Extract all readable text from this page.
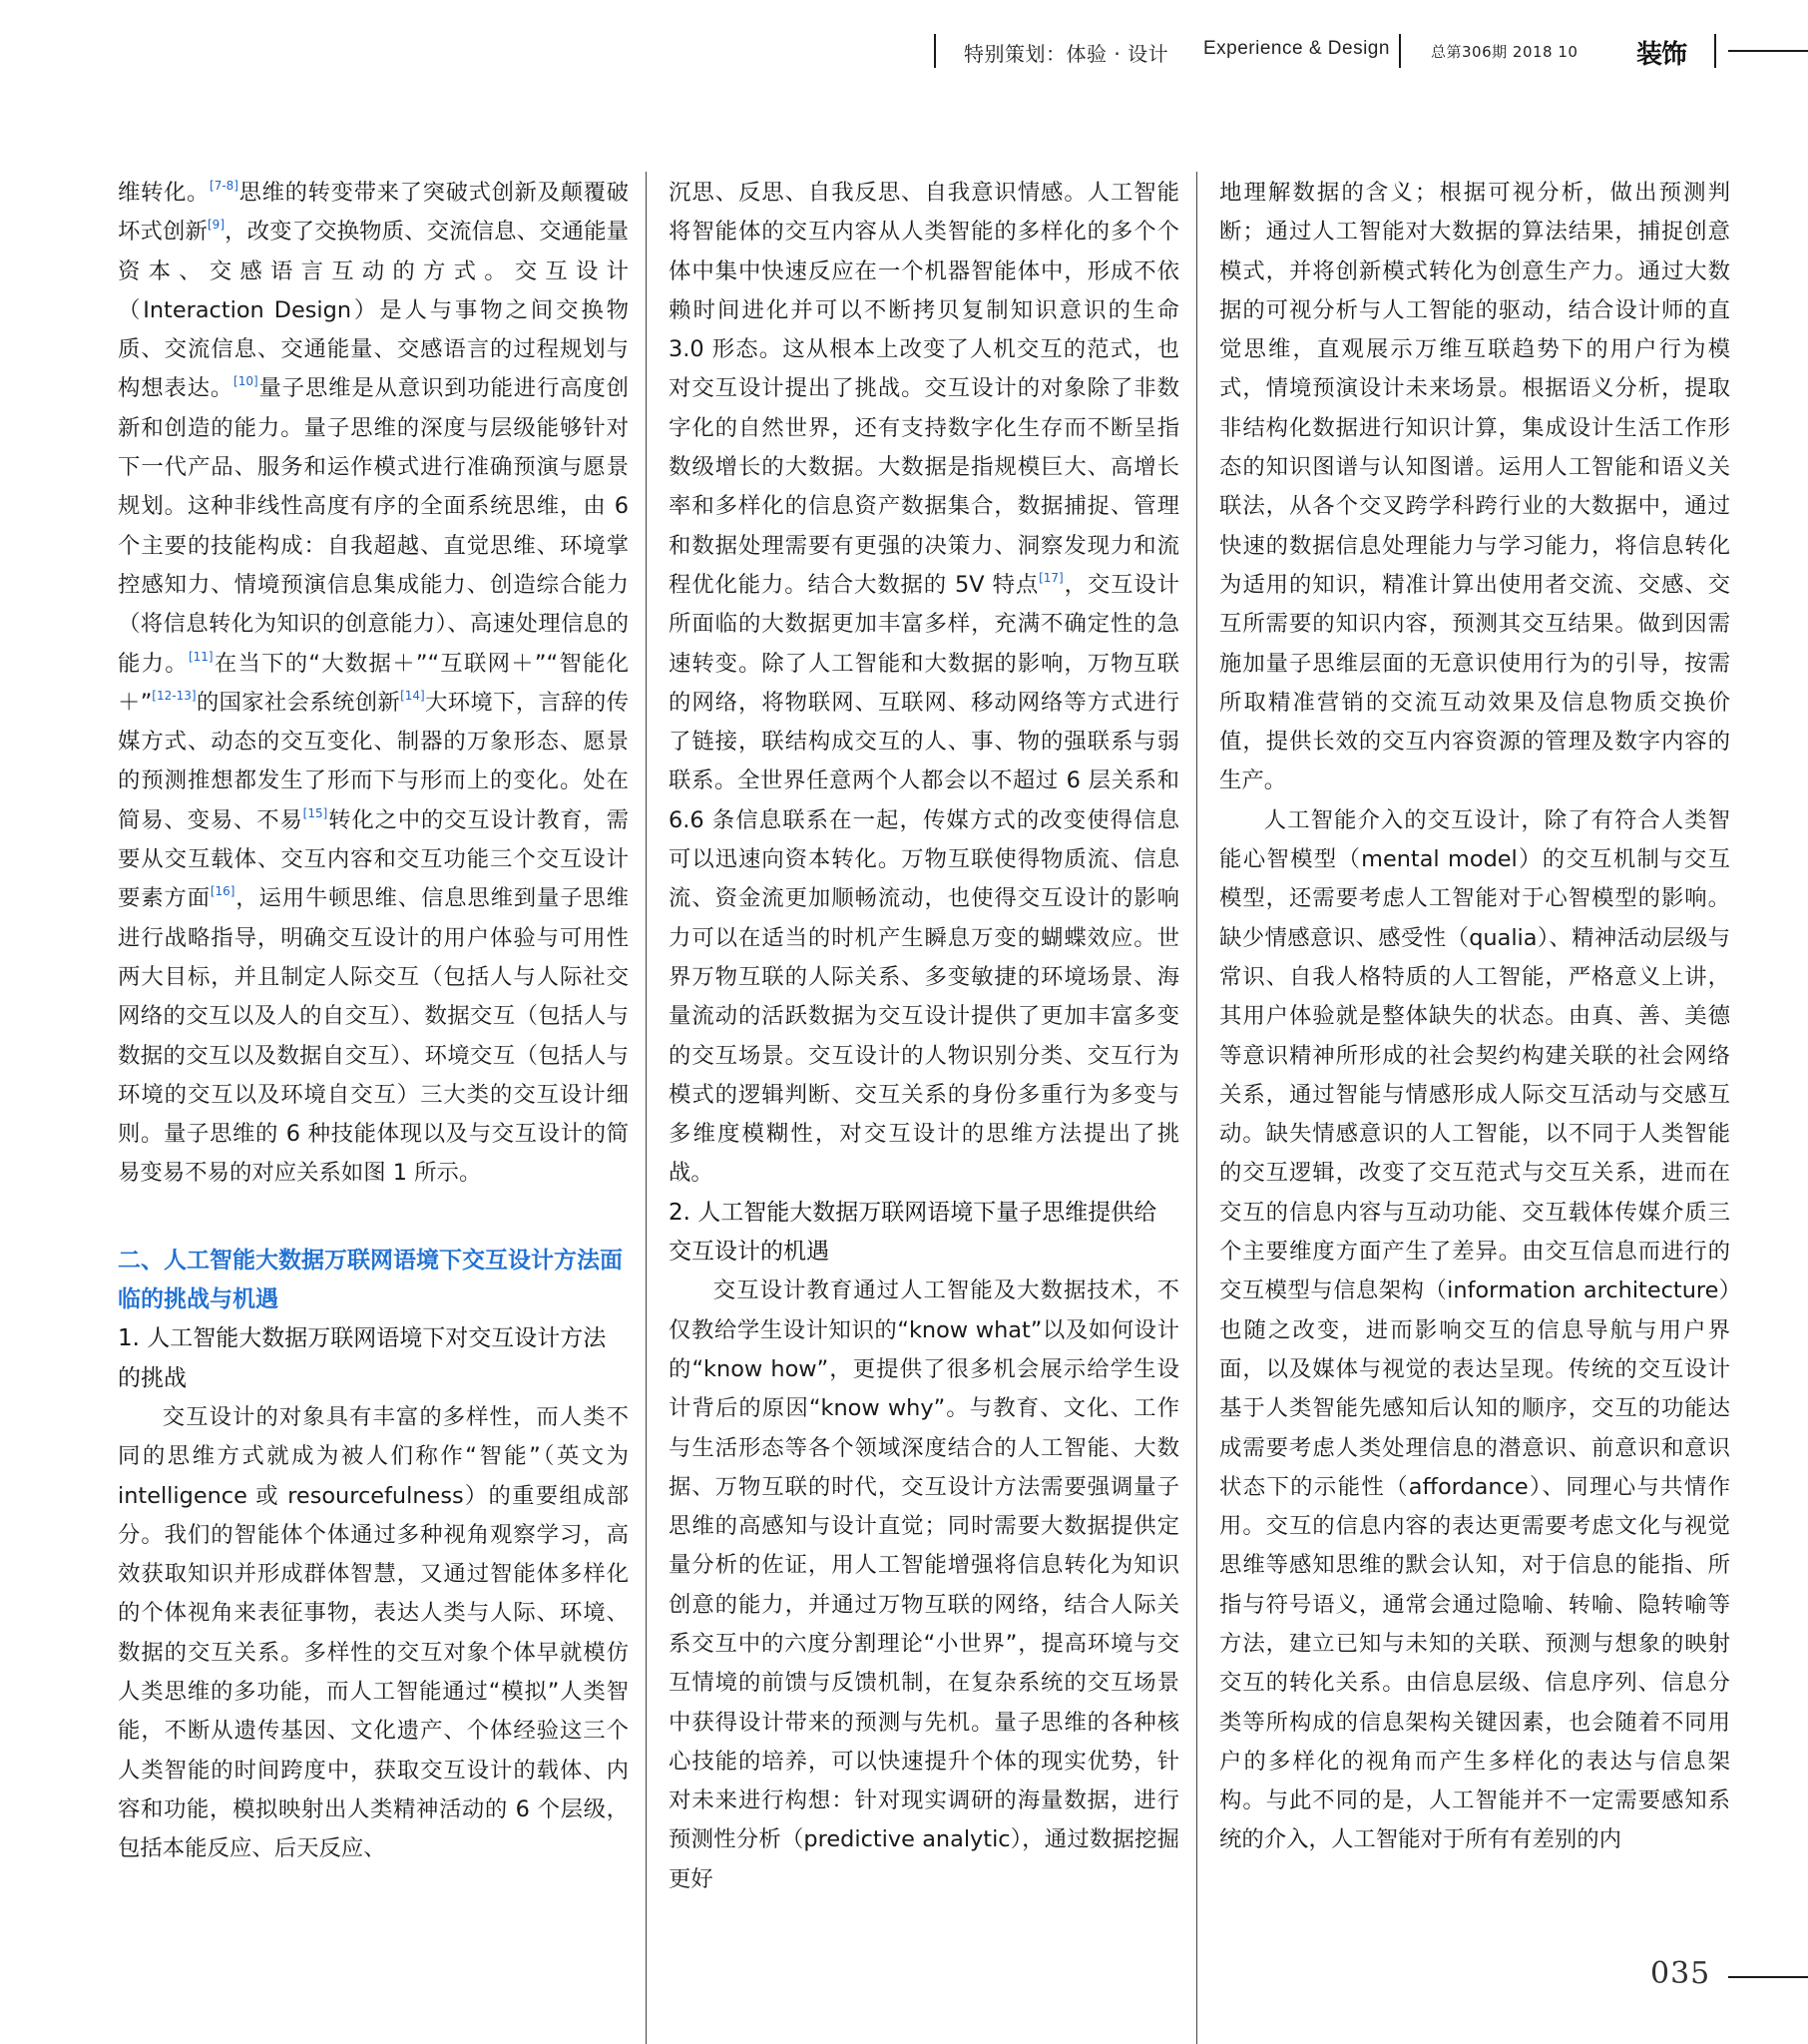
特别策划：体验 · 设计 Experience & Design	总第306期 2018 10 装饰

维转化。[7-8]思维的转变带来了突破式创新及颠覆破坏式创新[9]，改变了交换物质、交流信息、交通能量资本、交感语言互动的方式。交互设计（Interaction Design）是人与事物之间交换物质、交流信息、交通能量、交感语言的过程规划与构想表达。[10]量子思维是从意识到功能进行高度创新和创造的能力。量子思维的深度与层级能够针对下一代产品、服务和运作模式进行准确预演与愿景规划。这种非线性高度有序的全面系统思维，由 6 个主要的技能构成：自我超越、直觉思维、环境掌控感知力、情境预演信息集成能力、创造综合能力（将信息转化为知识的创意能力）、高速处理信息的能力。[11]在当下的“大数据＋”“互联网＋”“智能化＋”[12-13]的国家社会系统创新[14]大环境下，言辞的传媒方式、动态的交互变化、制器的万象形态、愿景的预测推想都发生了形而下与形而上的变化。处在简易、变易、不易[15]转化之中的交互设计教育，需要从交互载体、交互内容和交互功能三个交互设计要素方面[16]，运用牛顿思维、信息思维到量子思维进行战略指导，明确交互设计的用户体验与可用性两大目标，并且制定人际交互（包括人与人际社交网络的交互以及人的自交互）、数据交互（包括人与数据的交互以及数据自交互）、环境交互（包括人与环境的交互以及环境自交互）三大类的交互设计细则。量子思维的 6 种技能体现以及与交互设计的简易变易不易的对应关系如图 1 所示。

二、人工智能大数据万联网语境下交互设计方法面临的挑战与机遇
1. 人工智能大数据万联网语境下对交互设计方法的挑战

交互设计的对象具有丰富的多样性，而人类不同的思维方式就成为被人们称作“智能”（英文为 intelligence 或 resourcefulness）的重要组成部分。我们的智能体个体通过多种视角观察学习，高效获取知识并形成群体智慧，又通过智能体多样化的个体视角来表征事物，表达人类与人际、环境、数据的交互关系。多样性的交互对象个体早就模仿人类思维的多功能，而人工智能通过“模拟”人类智能，不断从遗传基因、文化遗产、个体经验这三个人类智能的时间跨度中，获取交互设计的载体、内容和功能，模拟映射出人类精神活动的 6 个层级，包括本能反应、后天反应、

沉思、反思、自我反思、自我意识情感。人工智能将智能体的交互内容从人类智能的多样化的多个个体中集中快速反应在一个机器智能体中，形成不依赖时间进化并可以不断拷贝复制知识意识的生命 3.0 形态。这从根本上改变了人机交互的范式，也对交互设计提出了挑战。交互设计的对象除了非数字化的自然世界，还有支持数字化生存而不断呈指数级增长的大数据。大数据是指规模巨大、高增长率和多样化的信息资产数据集合，数据捕捉、管理和数据处理需要有更强的决策力、洞察发现力和流程优化能力。结合大数据的 5V 特点[17]，交互设计所面临的大数据更加丰富多样，充满不确定性的急速转变。除了人工智能和大数据的影响，万物互联的网络，将物联网、互联网、移动网络等方式进行了链接，联结构成交互的人、事、物的强联系与弱联系。全世界任意两个人都会以不超过 6 层关系和 6.6 条信息联系在一起，传媒方式的改变使得信息可以迅速向资本转化。万物互联使得物质流、信息流、资金流更加顺畅流动，也使得交互设计的影响力可以在适当的时机产生瞬息万变的蝴蝶效应。世界万物互联的人际关系、多变敏捷的环境场景、海量流动的活跃数据为交互设计提供了更加丰富多变的交互场景。交互设计的人物识别分类、交互行为模式的逻辑判断、交互关系的身份多重行为多变与多维度模糊性，对交互设计的思维方法提出了挑战。

2. 人工智能大数据万联网语境下量子思维提供给交互设计的机遇

交互设计教育通过人工智能及大数据技术，不仅教给学生设计知识的“know what”以及如何设计的“know how”，更提供了很多机会展示给学生设计背后的原因“know why”。与教育、文化、工作与生活形态等各个领域深度结合的人工智能、大数据、万物互联的时代，交互设计方法需要强调量子思维的高感知与设计直觉；同时需要大数据提供定量分析的佐证，用人工智能增强将信息转化为知识创意的能力，并通过万物互联的网络，结合人际关系交互中的六度分割理论“小世界”，提高环境与交互情境的前馈与反馈机制，在复杂系统的交互场景中获得设计带来的预测与先机。量子思维的各种核心技能的培养，可以快速提升个体的现实优势，针对未来进行构想：针对现实调研的海量数据，进行预测性分析（predictive analytic），通过数据挖掘更好

地理解数据的含义；根据可视分析，做出预测判断；通过人工智能对大数据的算法结果，捕捉创意模式，并将创新模式转化为创意生产力。通过大数据的可视分析与人工智能的驱动，结合设计师的直觉思维，直观展示万维互联趋势下的用户行为模式，情境预演设计未来场景。根据语义分析，提取非结构化数据进行知识计算，集成设计生活工作形态的知识图谱与认知图谱。运用人工智能和语义关联法，从各个交叉跨学科跨行业的大数据中，通过快速的数据信息处理能力与学习能力，将信息转化为适用的知识，精准计算出使用者交流、交感、交互所需要的知识内容，预测其交互结果。做到因需施加量子思维层面的无意识使用行为的引导，按需所取精准营销的交流互动效果及信息物质交换价值，提供长效的交互内容资源的管理及数字内容的生产。

人工智能介入的交互设计，除了有符合人类智能心智模型（mental model）的交互机制与交互模型，还需要考虑人工智能对于心智模型的影响。缺少情感意识、感受性（qualia）、精神活动层级与常识、自我人格特质的人工智能，严格意义上讲，其用户体验就是整体缺失的状态。由真、善、美德等意识精神所形成的社会契约构建关联的社会网络关系，通过智能与情感形成人际交互活动与交感互动。缺失情感意识的人工智能，以不同于人类智能的交互逻辑，改变了交互范式与交互关系，进而在交互的信息内容与互动功能、交互载体传媒介质三个主要维度方面产生了差异。由交互信息而进行的交互模型与信息架构（information architecture）也随之改变，进而影响交互的信息导航与用户界面，以及媒体与视觉的表达呈现。传统的交互设计基于人类智能先感知后认知的顺序，交互的功能达成需要考虑人类处理信息的潜意识、前意识和意识状态下的示能性（affordance）、同理心与共情作用。交互的信息内容的表达更需要考虑文化与视觉思维等感知思维的默会认知，对于信息的能指、所指与符号语义，通常会通过隐喻、转喻、隐转喻等方法，建立已知与未知的关联、预测与想象的映射交互的转化关系。由信息层级、信息序列、信息分类等所构成的信息架构关键因素，也会随着不同用户的多样化的视角而产生多样化的表达与信息架构。与此不同的是，人工智能并不一定需要感知系统的介入，人工智能对于所有有差别的内

035
